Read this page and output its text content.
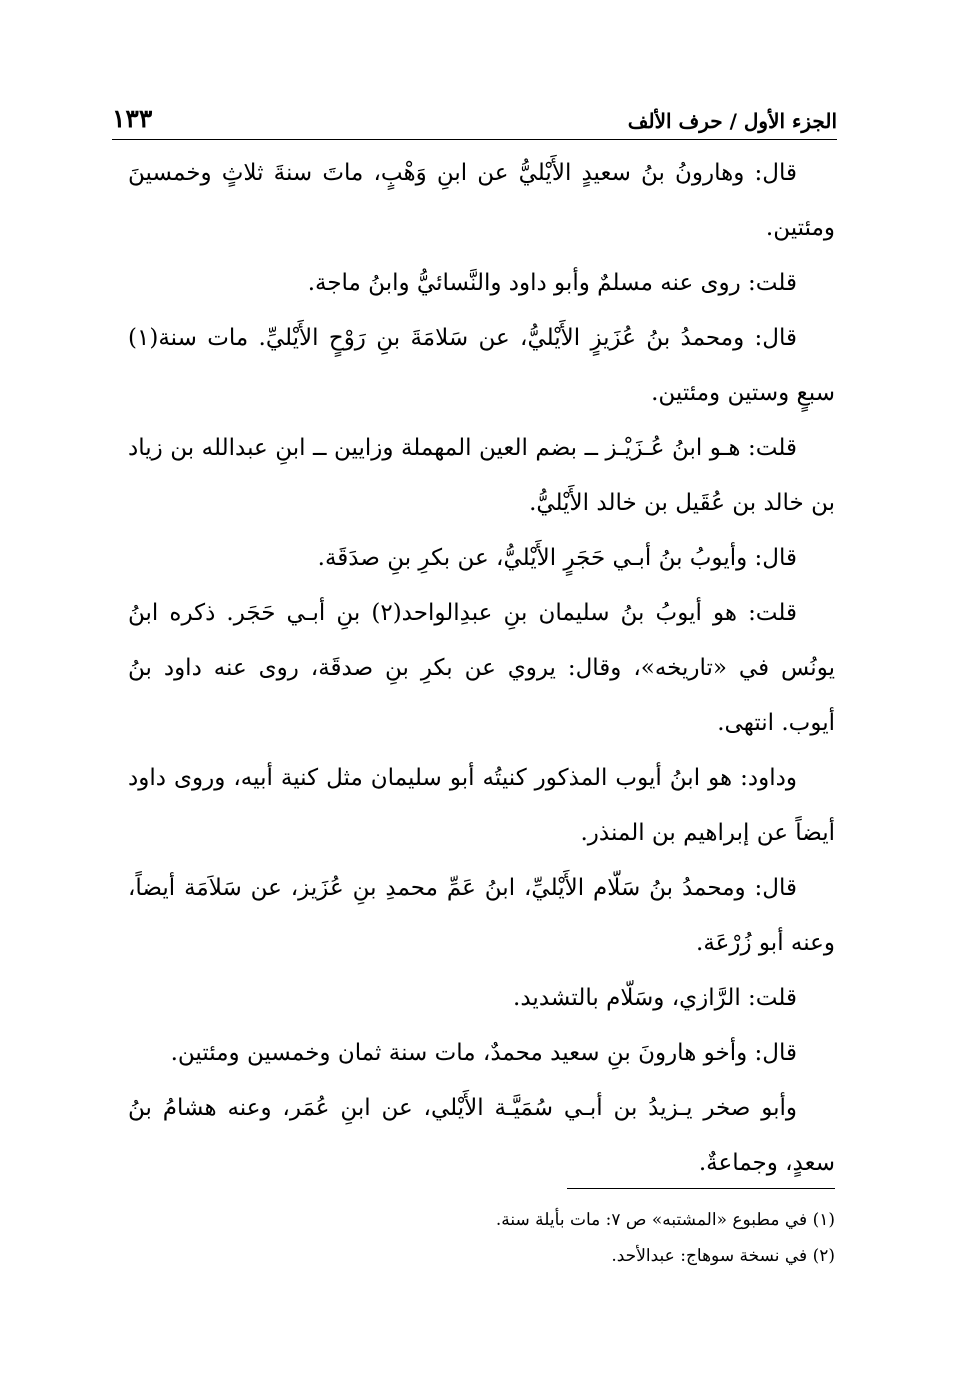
الجزء الأول / حرف الألف
١٣٣

قال: وهارونُ بنُ سعيدٍ الأَيْليُّ عن ابنِ وَهْبٍ، ماتَ سنةَ ثلاثٍ وخمسينَ ومئتين.

قلت: روى عنه مسلمٌ وأبو داود والنَّسائيُّ وابنُ ماجة.

قال: ومحمدُ بنُ عُزَيزٍ الأَيْليُّ، عن سَلامَةَ بنِ رَوْحٍ الأَيْليِّ. مات سنة(١) سبعٍ وستين ومئتين.

قلت: هـو ابنُ عُـزَيْـز ــ بضم العين المهملة وزايين ــ ابنِ عبدالله بن زياد بن خالد بن عُقَيل بن خالد الأَيْليُّ.

قال: وأيوبُ بنُ أبـي حَجَرٍ الأَيْليُّ، عن بكرِ بنِ صدَقَة.

قلت: هو أيوبُ بنُ سليمان بنِ عبدِالواحد(٢) بنِ أبـي حَجَر. ذكره ابنُ يونُس في «تاريخه»، وقال: يروي عن بكرِ بنِ صدقَة، روى عنه داود بنُ أيوب. انتهى.

وداود: هو ابنُ أيوب المذكور كنيتُه أبو سليمان مثل كنية أبيه، وروى داود أيضاً عن إبراهيم بن المنذر.

قال: ومحمدُ بنُ سَلّام الأَيْليِّ، ابنُ عَمِّ محمدِ بنِ عُزَيز، عن سَلاَمَة أيضاً، وعنه أبو زُرْعَة.

قلت: الرَّازي، وسَلّام بالتشديد.

قال: وأخو هارونَ بنِ سعيد محمدٌ، مات سنة ثمان وخمسين ومئتين.

وأبو صخر يـزيدُ بن أبـي سُمَيَّـة الأَيْلي، عن ابنِ عُمَر، وعنه هشامُ بنُ سعدٍ، وجماعةٌ.

(١) في مطبوع «المشتبه» ص ٧: مات بأيلة سنة.

(٢) في نسخة سوهاج: عبدالأحد.
